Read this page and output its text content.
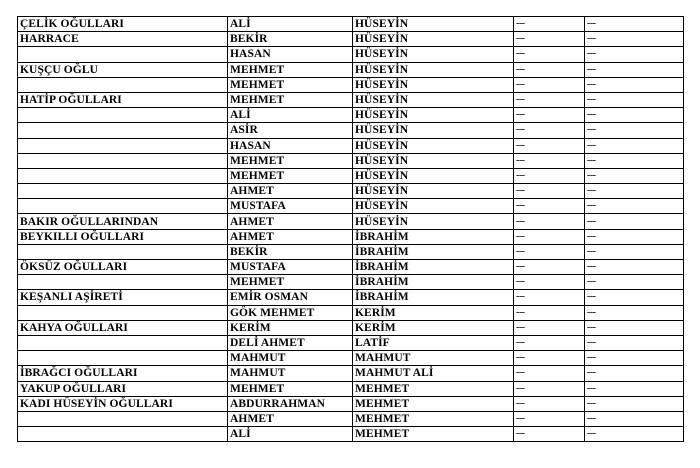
ÇELİK OĞULLARI	ALİ	HÜSEYİN	---	---
HARRACE	BEKİR	HÜSEYİN	---	---
	HASAN	HÜSEYİN	---	---
KUŞÇU OĞLU	MEHMET	HÜSEYİN	---	---
	MEHMET	HÜSEYİN	---	---
HATİP OĞULLARI	MEHMET	HÜSEYİN	---	---
	ALİ	HÜSEYİN	---	---
	ASİR	HÜSEYİN	---	---
	HASAN	HÜSEYİN	---	---
	MEHMET	HÜSEYİN	---	---
	MEHMET	HÜSEYİN	---	---
	AHMET	HÜSEYİN	---	---
	MUSTAFA	HÜSEYİN	---	---
BAKIR OĞULLARINDAN	AHMET	HÜSEYİN	---	---
BEYKILLI OĞULLARI	AHMET	İBRAHİM	---	---
	BEKİR	İBRAHİM	---	---
ÖKSÜZ OĞULLARI	MUSTAFA	İBRAHİM	---	---
	MEHMET	İBRAHİM	---	---
KEŞANLI AŞİRETİ	EMİR OSMAN	İBRAHİM	---	---
	GÖK MEHMET	KERİM	---	---
KAHYA OĞULLARI	KERİM	KERİM	---	---
	DELİ AHMET	LATİF	---	---
	MAHMUT	MAHMUT	---	---
İBRAĞCI OĞULLARI	MAHMUT	MAHMUT ALİ	---	---
YAKUP OĞULLARI	MEHMET	MEHMET	---	---
KADI HÜSEYİN OĞULLARI	ABDURRAHMAN	MEHMET	---	---
	AHMET	MEHMET	---	---
	ALİ	MEHMET	---	---
